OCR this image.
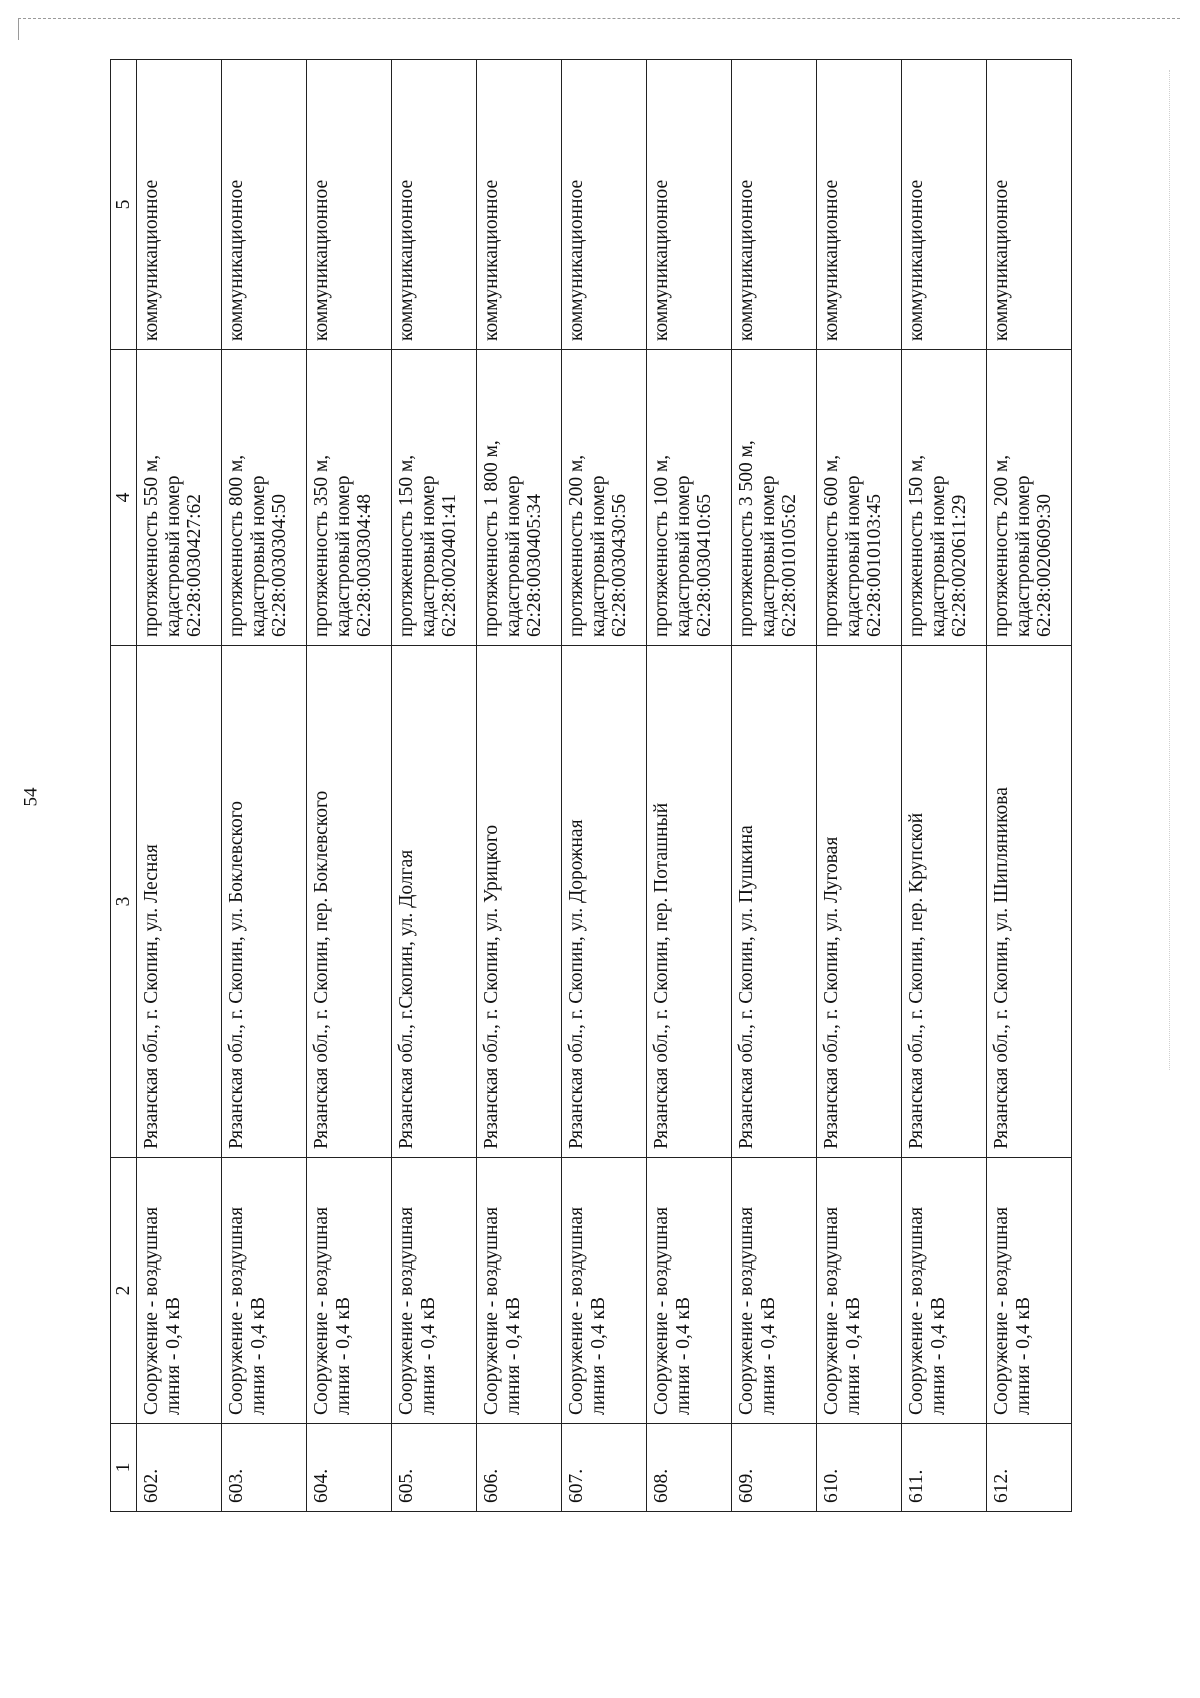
54
1	2	3	4	5
602.	Сооружение - воздушная линия - 0,4 кВ	Рязанская обл., г. Скопин, ул. Лесная	протяженность 550 м, кадастровый номер 62:28:0030427:62	коммуникационное
603.	Сооружение - воздушная линия - 0,4 кВ	Рязанская обл., г. Скопин, ул. Боклевского	протяженность 800 м, кадастровый номер 62:28:0030304:50	коммуникационное
604.	Сооружение - воздушная линия - 0,4 кВ	Рязанская обл., г. Скопин, пер. Боклевского	протяженность 350 м, кадастровый номер 62:28:0030304:48	коммуникационное
605.	Сооружение - воздушная линия - 0,4 кВ	Рязанская обл., г.Скопин, ул. Долгая	протяженность 150 м, кадастровый номер 62:28:0020401:41	коммуникационное
606.	Сооружение - воздушная линия - 0,4 кВ	Рязанская обл., г. Скопин, ул. Урицкого	протяженность 1 800 м, кадастровый номер 62:28:0030405:34	коммуникационное
607.	Сооружение - воздушная линия - 0,4 кВ	Рязанская обл., г. Скопин, ул. Дорожная	протяженность 200 м, кадастровый номер 62:28:0030430:56	коммуникационное
608.	Сооружение - воздушная линия - 0,4 кВ	Рязанская обл., г. Скопин, пер. Поташный	протяженность 100 м, кадастровый номер 62:28:0030410:65	коммуникационное
609.	Сооружение - воздушная линия - 0,4 кВ	Рязанская обл., г. Скопин, ул. Пушкина	протяженность 3 500 м, кадастровый номер 62:28:0010105:62	коммуникационное
610.	Сооружение - воздушная линия - 0,4 кВ	Рязанская обл., г. Скопин, ул. Луговая	протяженность 600 м, кадастровый номер 62:28:0010103:45	коммуникационное
611.	Сооружение - воздушная линия - 0,4 кВ	Рязанская обл., г. Скопин, пер. Крупской	протяженность 150 м, кадастровый номер 62:28:0020611:29	коммуникационное
612.	Сооружение - воздушная линия - 0,4 кВ	Рязанская обл., г. Скопин, ул. Шипляникова	протяженность 200 м, кадастровый номер 62:28:0020609:30	коммуникационное
